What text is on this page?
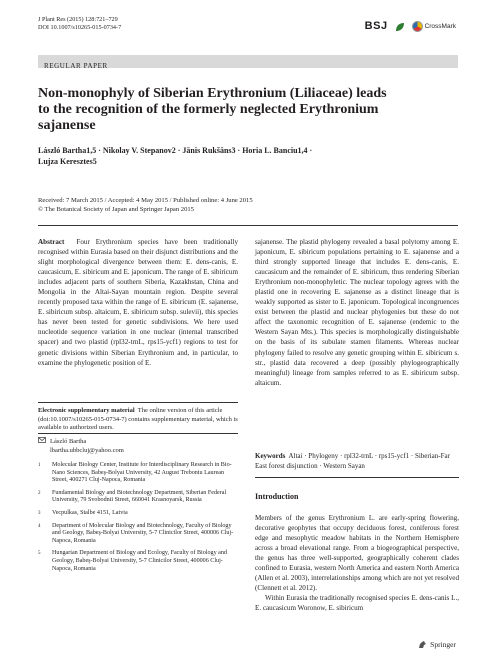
J Plant Res (2015) 128:721–729
DOI 10.1007/s10265-015-0734-7	BSJ	CrossMark
REGULAR PAPER
Non-monophyly of Siberian Erythronium (Liliaceae) leads
to the recognition of the formerly neglected Erythronium
sajanense
László Bartha1,5 · Nikolay V. Stepanov2 · Jānis Rukšāns3 · Horia L. Banciu1,4 ·
Lujza Keresztes5
Received: 7 March 2015 / Accepted: 4 May 2015 / Published online: 4 June 2015
© The Botanical Society of Japan and Springer Japan 2015
Abstract Four Erythronium species have been traditionally recognised within Eurasia based on their disjunct distributions and the slight morphological divergence between them: E. dens-canis, E. caucasicum, E. sibiricum and E. japonicum. The range of E. sibiricum includes adjacent parts of southern Siberia, Kazakhstan, China and Mongolia in the Altai-Sayan mountain region. Despite several recently proposed taxa within the range of E. sibiricum (E. sajanense, E. sibiricum subsp. altaicum, E. sibiricum subsp. sulevii), this species has never been tested for genetic subdivisions. We here used nucleotide sequence variation in one nuclear (internal transcribed spacer) and two plastid (rpl32-trnL, rps15-ycf1) regions to test for genetic divisions within Siberian Erythronium and, in particular, to examine the phylogenetic position of E.
sajanense. The plastid phylogeny revealed a basal polytomy among E. japonicum, E. sibiricum populations pertaining to E. sajanense and a third strongly supported lineage that includes E. dens-canis, E. caucasicum and the remainder of E. sibiricum, thus rendering Siberian Erythronium non-monophyletic. The nuclear topology agrees with the plastid one in recovering E. sajanense as a distinct lineage that is weakly supported as sister to E. japonicum. Topological incongruences exist between the plastid and nuclear phylogenies but these do not affect the taxonomic recognition of E. sajanense (endemic to the Western Sayan Mts.). This species is morphologically distinguishable on the basis of its subulate stamen filaments. Whereas nuclear phylogeny failed to resolve any genetic grouping within E. sibiricum s. str., plastid data recovered a deep (possibly phylogeographically meaningful) lineage from samples referred to as E. sibiricum subsp. altaicum.
Electronic supplementary material The online version of this article (doi:10.1007/s10265-015-0734-7) contains supplementary material, which is available to authorized users.
László Bartha
lbartha.ubbcluj@yahoo.com
1	Molecular Biology Center, Institute for Interdisciplinary Research in Bio-Nano Sciences, Babeş-Bolyai University, 42 August Treboniu Laurean Street, 400271 Cluj-Napoca, Romania
2	Fundamental Biology and Biotechnology Department, Siberian Federal University, 79 Svobodnii Street, 660041 Krasnoyarsk, Russia
3	Vecpulkas, Stalbe 4151, Latvia
4	Department of Molecular Biology and Biotechnology, Faculty of Biology and Geology, Babeş-Bolyai University, 5-7 Clinicilor Street, 400006 Cluj-Napoca, Romania
5	Hungarian Department of Biology and Ecology, Faculty of Biology and Geology, Babeş-Bolyai University, 5-7 Clinicilor Street, 400006 Cluj-Napoca, Romania
Keywords Altai · Phylogeny · rpl32-trnL · rps15-ycf1 · Siberian-Far East forest disjunction · Western Sayan
Introduction
Members of the genus Erythronium L. are early-spring flowering, decorative geophytes that occupy deciduous forest, coniferous forest edge and mesophytic meadow habitats in the Northern Hemisphere across a broad elevational range. From a biogeographical perspective, the genus has three well-supported, geographically coherent clades confined to Eurasia, western North America and eastern North America (Allen et al. 2003), interrelationships among which are not yet resolved (Clennett et al. 2012).
Within Eurasia the traditionally recognised species E. dens-canis L., E. caucasicum Woronow, E. sibiricum
Springer
